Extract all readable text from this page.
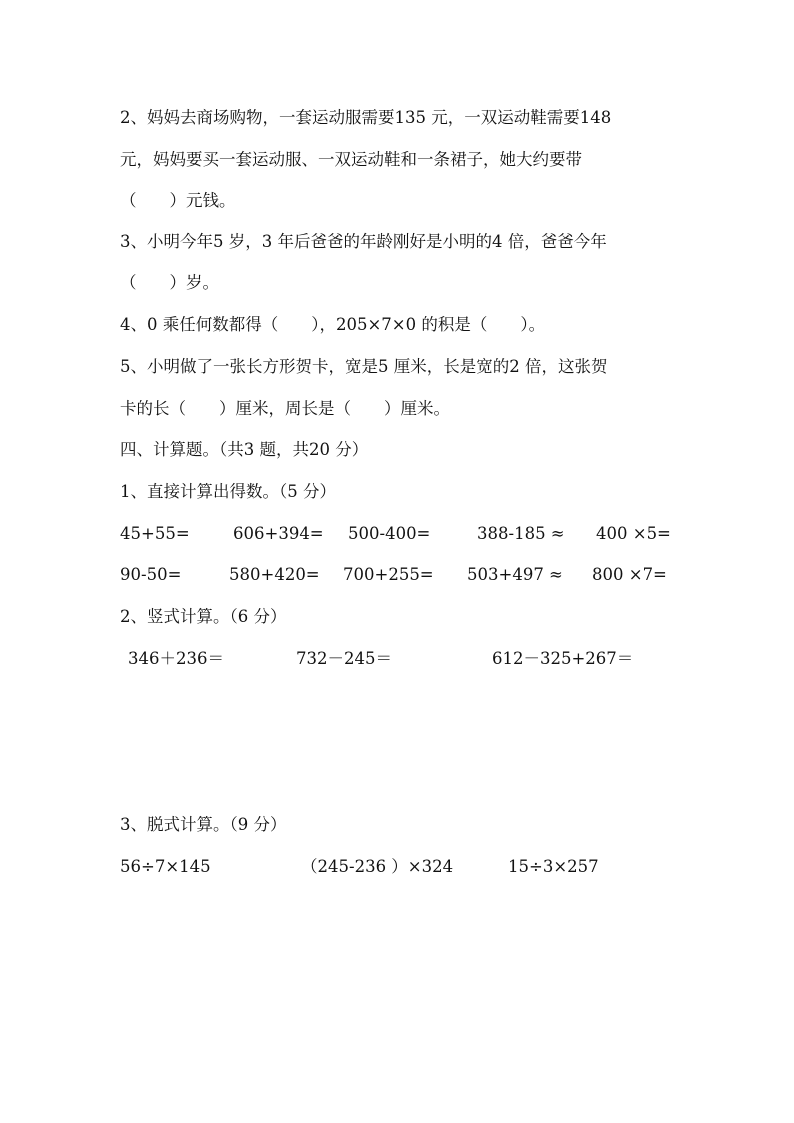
2、妈妈去商场购物，一套运动服需要135 元，一双运动鞋需要148
元，妈妈要买一套运动服、一双运动鞋和一条裙子，她大约要带
（　　）元钱。
3、小明今年5 岁，3 年后爸爸的年龄刚好是小明的4 倍，爸爸今年
（　　）岁。
4、0 乘任何数都得（　　），205×7×0 的积是（　　）。
5、小明做了一张长方形贺卡，宽是5 厘米，长是宽的2 倍，这张贺
卡的长（　　）厘米，周长是（　　）厘米。
四、计算题。（共3 题，共20 分）
1、直接计算出得数。（5 分）
45+55=	606+394= 500-400=	388-185 ≈ 400 ×5=
90-50=	580+420= 700+255= 503+497 ≈ 800 ×7=
2、竖式计算。（6 分）
346＋236＝	732－245＝	612－325+267＝
3、脱式计算。（9 分）
56÷7×145	（245-236 ）×324	15÷3×257
